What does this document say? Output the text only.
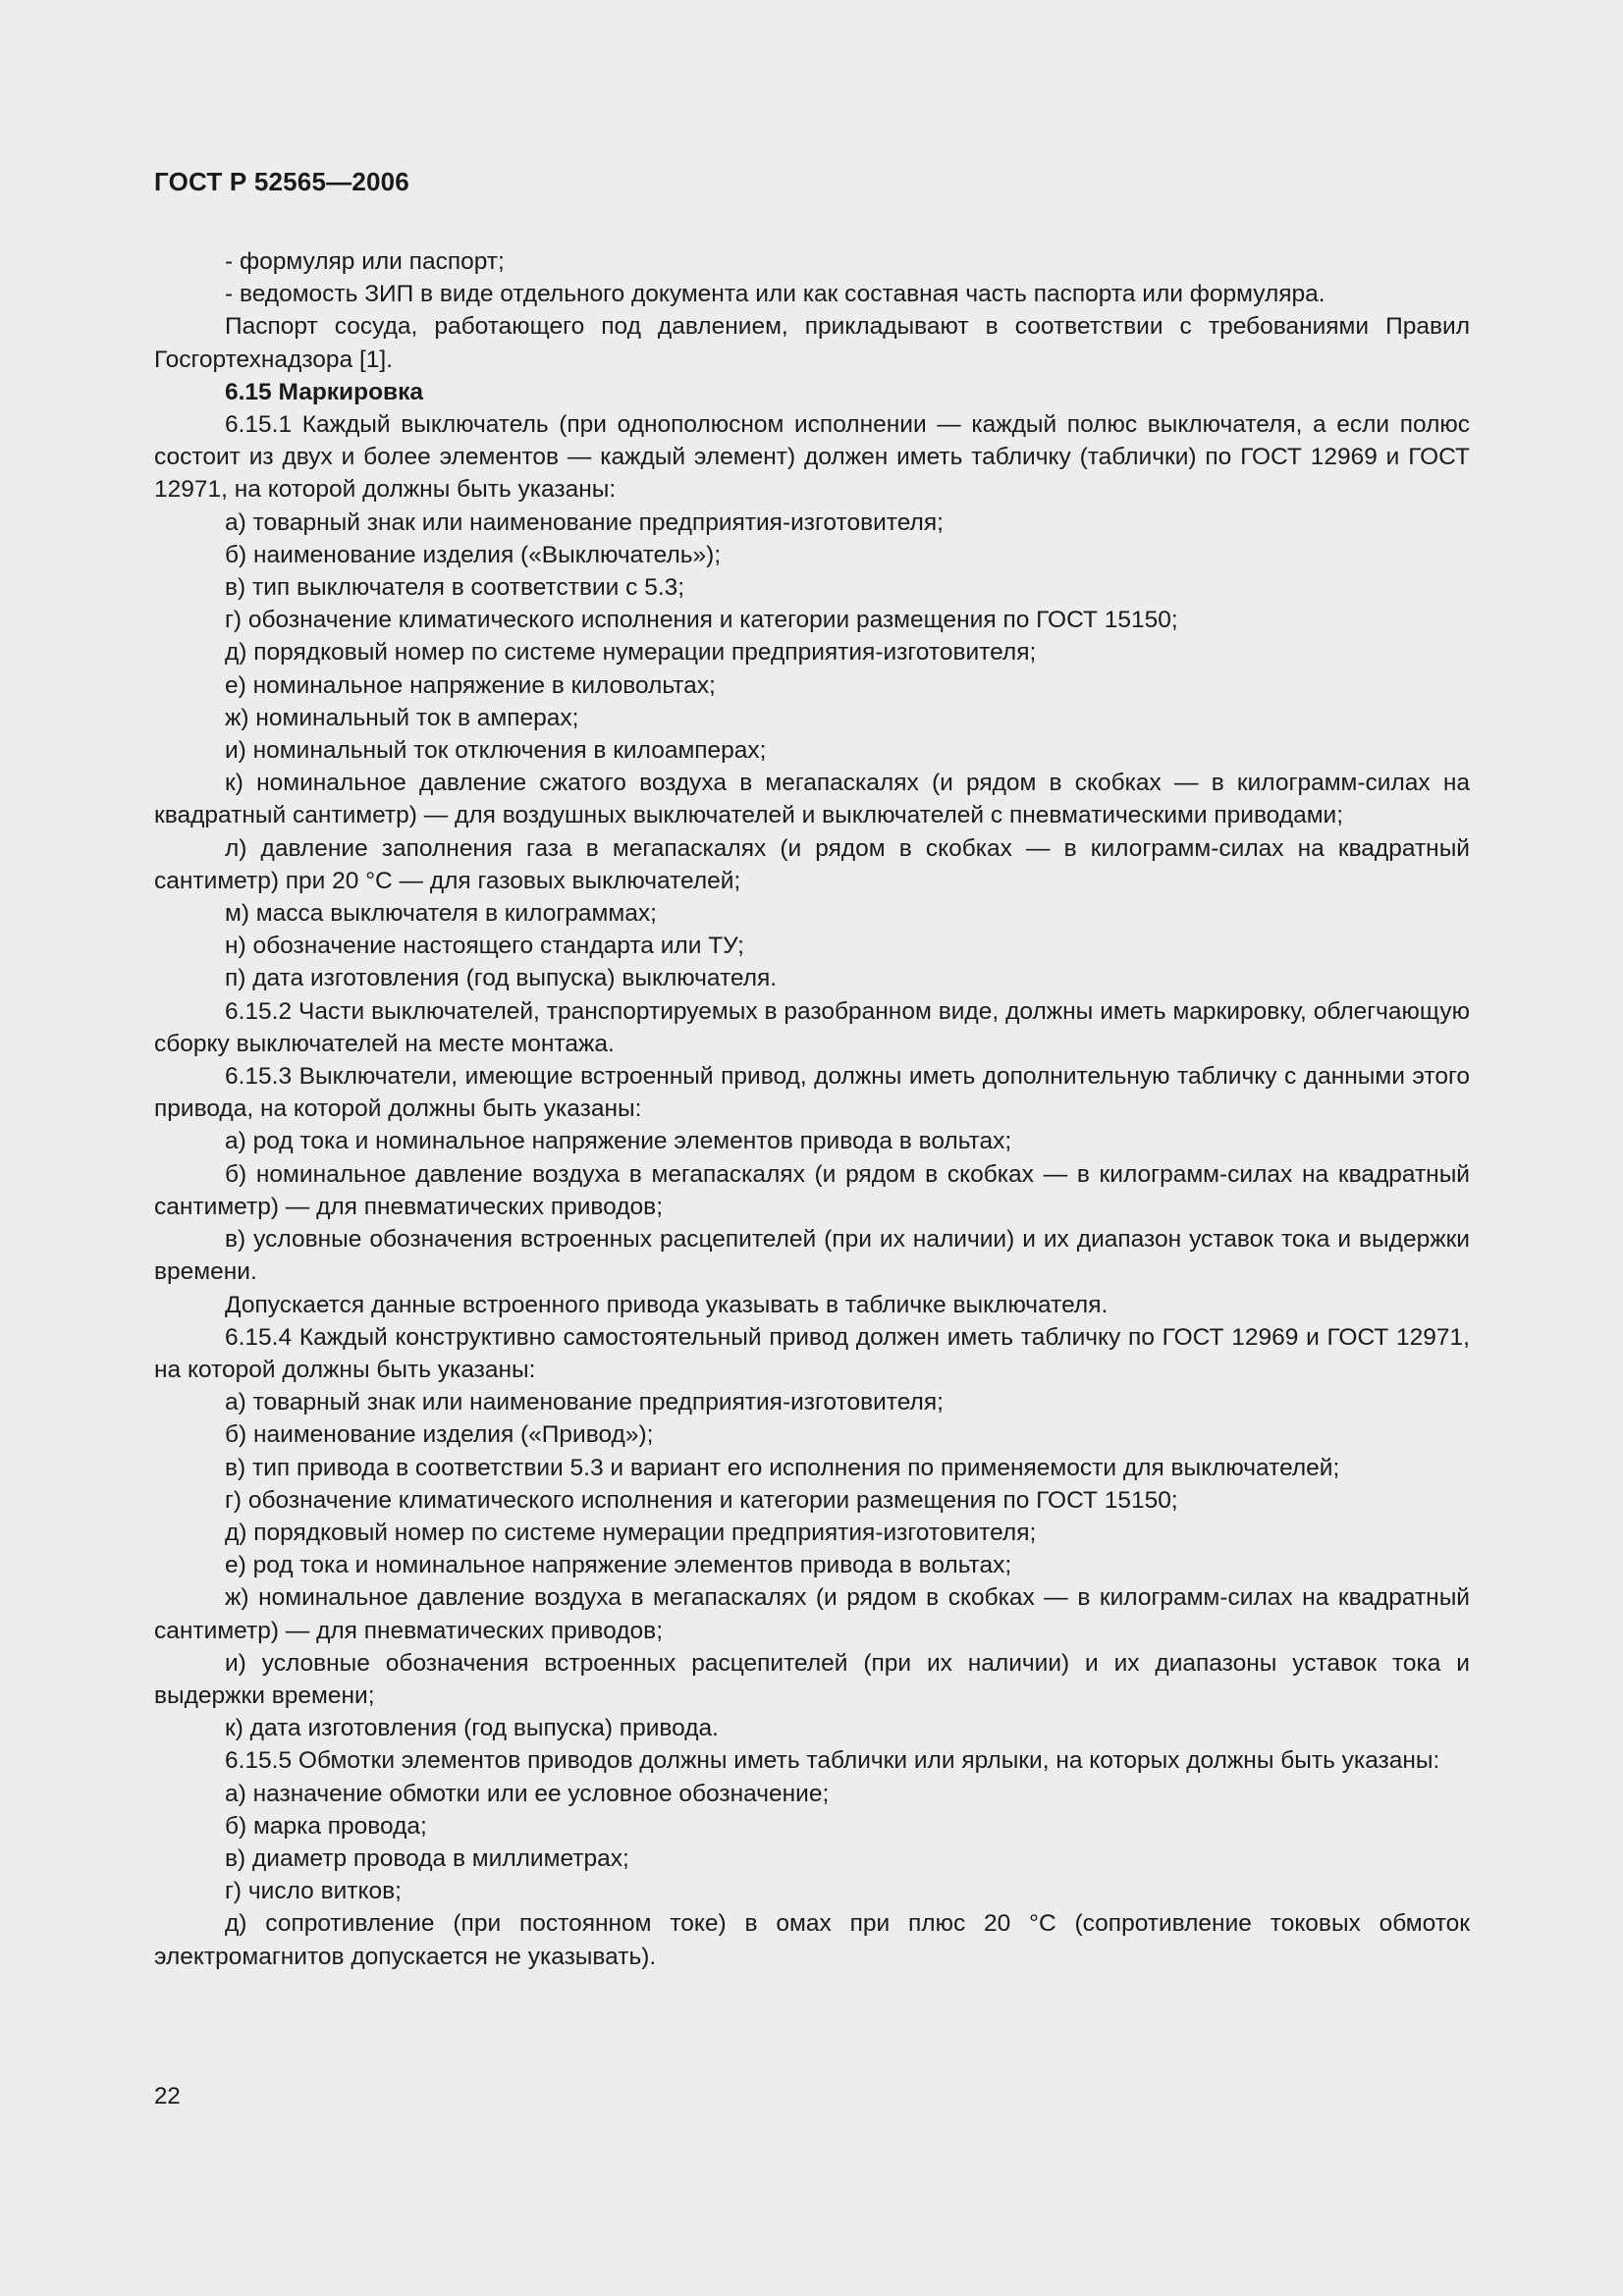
ГОСТ Р 52565—2006

- формуляр или паспорт;

- ведомость ЗИП в виде отдельного документа или как составная часть паспорта или формуляра.

Паспорт сосуда, работающего под давлением, прикладывают в соответствии с требованиями Правил Госгортехнадзора [1].

6.15 Маркировка

6.15.1 Каждый выключатель (при однополюсном исполнении — каждый полюс выключателя, а если полюс состоит из двух и более элементов — каждый элемент) должен иметь табличку (таблички) по ГОСТ 12969 и ГОСТ 12971, на которой должны быть указаны:

а) товарный знак или наименование предприятия-изготовителя;

б) наименование изделия («Выключатель»);

в) тип выключателя в соответствии с 5.3;

г) обозначение климатического исполнения и категории размещения по ГОСТ 15150;

д) порядковый номер по системе нумерации предприятия-изготовителя;

е) номинальное напряжение в киловольтах;

ж) номинальный ток в амперах;

и) номинальный ток отключения в килоамперах;

к) номинальное давление сжатого воздуха в мегапаскалях (и рядом в скобках — в килограмм-силах на квадратный сантиметр) — для воздушных выключателей и выключателей с пневматическими приводами;

л) давление заполнения газа в мегапаскалях (и рядом в скобках — в килограмм-силах на квадратный сантиметр) при 20 °С — для газовых выключателей;

м) масса выключателя в килограммах;

н) обозначение настоящего стандарта или ТУ;

п) дата изготовления (год выпуска) выключателя.

6.15.2 Части выключателей, транспортируемых в разобранном виде, должны иметь маркировку, облегчающую сборку выключателей на месте монтажа.

6.15.3 Выключатели, имеющие встроенный привод, должны иметь дополнительную табличку с данными этого привода, на которой должны быть указаны:

а) род тока и номинальное напряжение элементов привода в вольтах;

б) номинальное давление воздуха в мегапаскалях (и рядом в скобках — в килограмм-силах на квадратный сантиметр) — для пневматических приводов;

в) условные обозначения встроенных расцепителей (при их наличии) и их диапазон уставок тока и выдержки времени.

Допускается данные встроенного привода указывать в табличке выключателя.

6.15.4 Каждый конструктивно самостоятельный привод должен иметь табличку по ГОСТ 12969 и ГОСТ 12971, на которой должны быть указаны:

а) товарный знак или наименование предприятия-изготовителя;

б) наименование изделия («Привод»);

в) тип привода в соответствии 5.3 и вариант его исполнения по применяемости для выключателей;

г) обозначение климатического исполнения и категории размещения по ГОСТ 15150;

д) порядковый номер по системе нумерации предприятия-изготовителя;

е) род тока и номинальное напряжение элементов привода в вольтах;

ж) номинальное давление воздуха в мегапаскалях (и рядом в скобках — в килограмм-силах на квадратный сантиметр) — для пневматических приводов;

и) условные обозначения встроенных расцепителей (при их наличии) и их диапазоны уставок тока и выдержки времени;

к) дата изготовления (год выпуска) привода.

6.15.5 Обмотки элементов приводов должны иметь таблички или ярлыки, на которых должны быть указаны:

а) назначение обмотки или ее условное обозначение;

б) марка провода;

в) диаметр провода в миллиметрах;

г) число витков;

д) сопротивление (при постоянном токе) в омах при плюс 20 °С (сопротивление токовых обмоток электромагнитов допускается не указывать).

22
